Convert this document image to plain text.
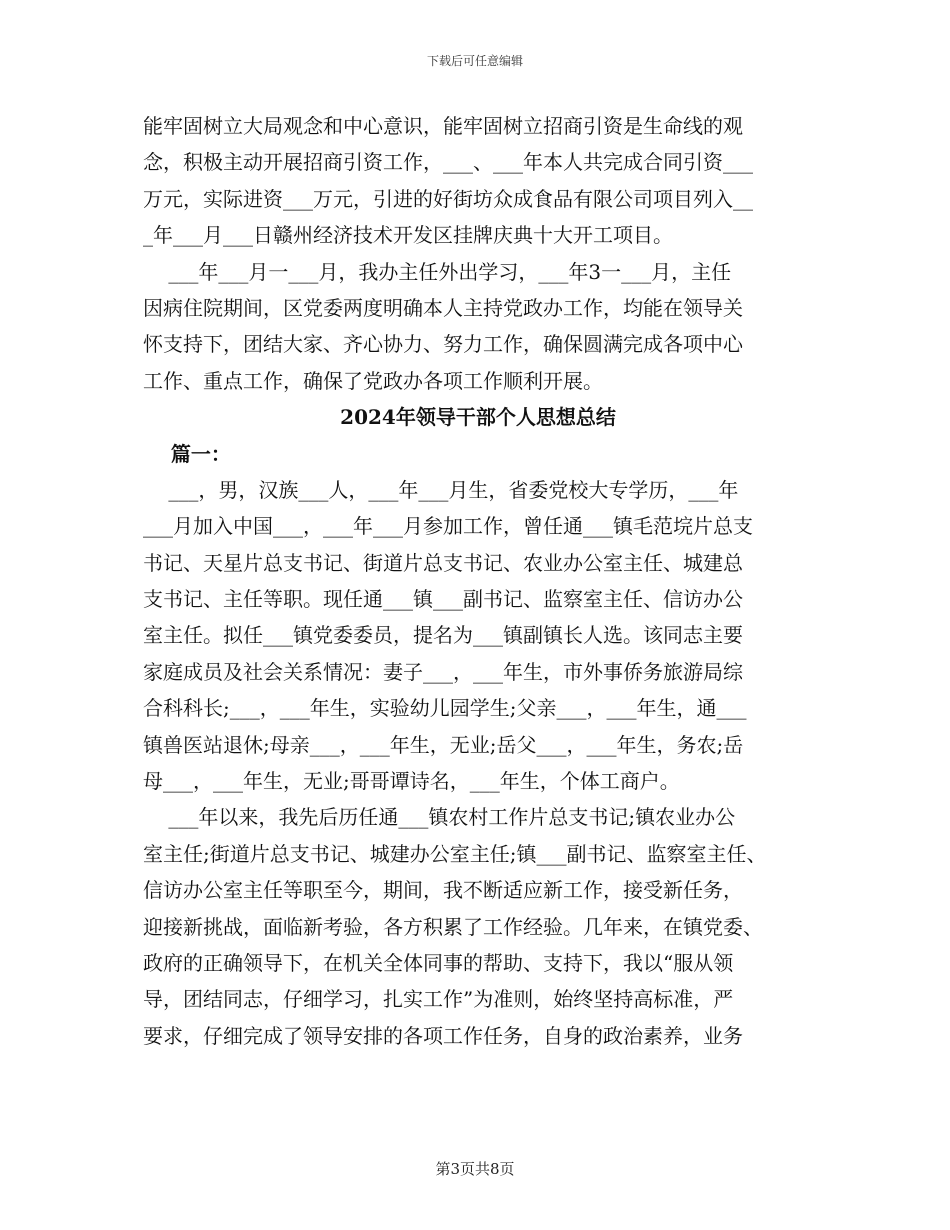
下载后可任意编辑
能牢固树立大局观念和中心意识，能牢固树立招商引资是生命线的观
念，积极主动开展招商引资工作，___、___年本人共完成合同引资___
万元，实际进资___万元，引进的好街坊众成食品有限公司项目列入__
_年___月___日赣州经济技术开发区挂牌庆典十大开工项目。
___年___月一___月，我办主任外出学习，___年3一___月，主任
因病住院期间，区党委两度明确本人主持党政办工作，均能在领导关
怀支持下，团结大家、齐心协力、努力工作，确保圆满完成各项中心
工作、重点工作，确保了党政办各项工作顺利开展。
2024年领导干部个人思想总结
篇一：
___，男，汉族___人，___年___月生，省委党校大专学历，___年
___月加入中国___，___年___月参加工作，曾任通___镇毛范垸片总支
书记、天星片总支书记、街道片总支书记、农业办公室主任、城建总
支书记、主任等职。现任通___镇___副书记、监察室主任、信访办公
室主任。拟任___镇党委委员，提名为___镇副镇长人选。该同志主要
家庭成员及社会关系情况：妻子___，___年生，市外事侨务旅游局综
合科科长;___，___年生，实验幼儿园学生;父亲___，___年生，通___
镇兽医站退休;母亲___，___年生，无业;岳父___，___年生，务农;岳
母___，___年生，无业;哥哥谭诗名，___年生，个体工商户。
___年以来，我先后历任通___镇农村工作片总支书记;镇农业办公
室主任;街道片总支书记、城建办公室主任;镇___副书记、监察室主任、
信访办公室主任等职至今，期间，我不断适应新工作，接受新任务，
迎接新挑战，面临新考验，各方积累了工作经验。几年来，在镇党委、
政府的正确领导下，在机关全体同事的帮助、支持下，我以“服从领
导，团结同志，仔细学习，扎实工作”为准则，始终坚持高标准，严
要求，仔细完成了领导安排的各项工作任务，自身的政治素养，业务
第3页共8页
